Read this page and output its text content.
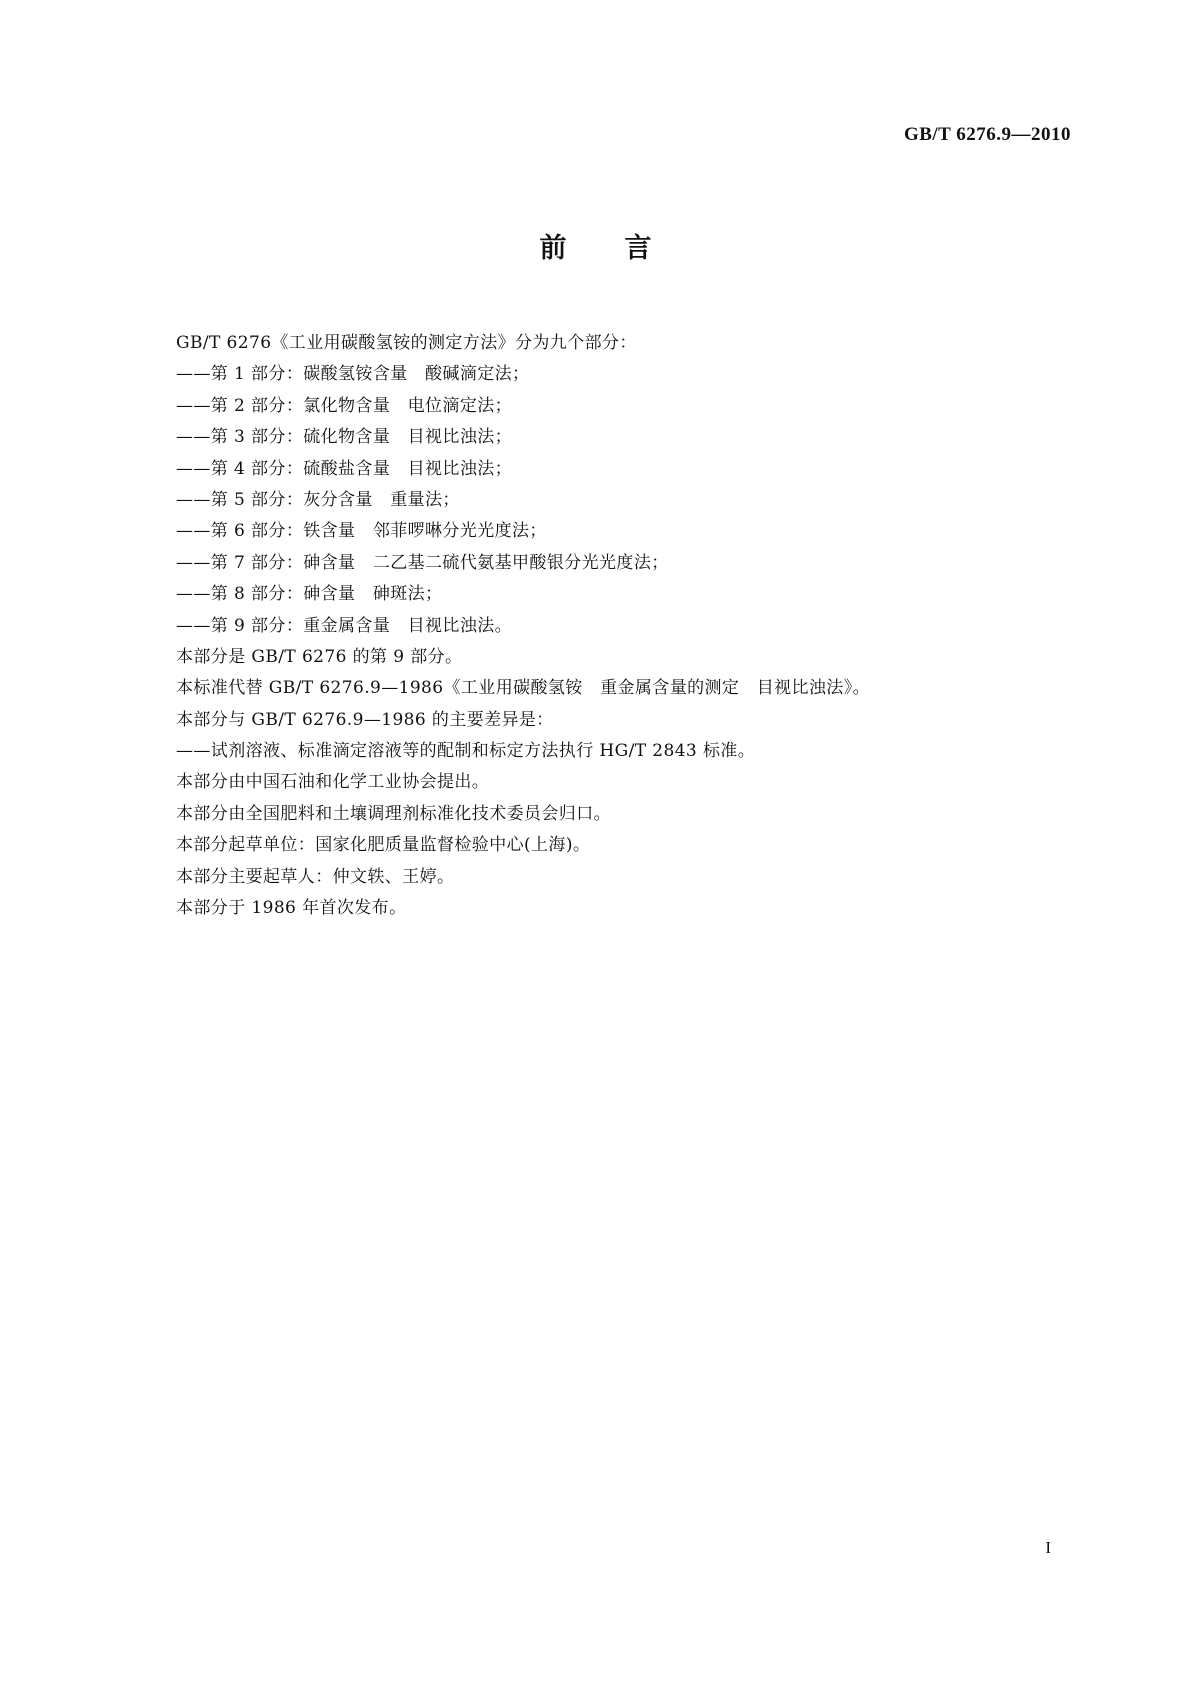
GB/T 6276.9—2010
前言
GB/T 6276《工业用碳酸氢铵的测定方法》分为九个部分：
——第 1 部分：碳酸氢铵含量　酸碱滴定法；
——第 2 部分：氯化物含量　电位滴定法；
——第 3 部分：硫化物含量　目视比浊法；
——第 4 部分：硫酸盐含量　目视比浊法；
——第 5 部分：灰分含量　重量法；
——第 6 部分：铁含量　邻菲啰啉分光光度法；
——第 7 部分：砷含量　二乙基二硫代氨基甲酸银分光光度法；
——第 8 部分：砷含量　砷斑法；
——第 9 部分：重金属含量　目视比浊法。
本部分是 GB/T 6276 的第 9 部分。
本标准代替 GB/T 6276.9—1986《工业用碳酸氢铵　重金属含量的测定　目视比浊法》。
本部分与 GB/T 6276.9—1986 的主要差异是：
——试剂溶液、标准滴定溶液等的配制和标定方法执行 HG/T 2843 标准。
本部分由中国石油和化学工业协会提出。
本部分由全国肥料和土壤调理剂标准化技术委员会归口。
本部分起草单位：国家化肥质量监督检验中心(上海)。
本部分主要起草人：仲文轶、王婷。
本部分于 1986 年首次发布。
I
